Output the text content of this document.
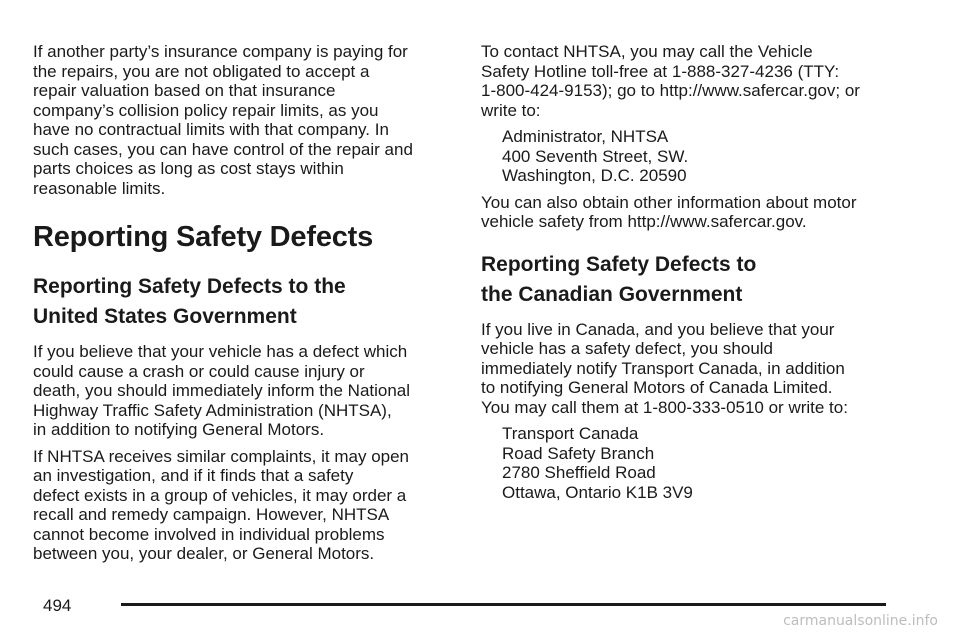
If another party’s insurance company is paying for
the repairs, you are not obligated to accept a
repair valuation based on that insurance
company’s collision policy repair limits, as you
have no contractual limits with that company. In
such cases, you can have control of the repair and
parts choices as long as cost stays within
reasonable limits.

Reporting Safety Defects
Reporting Safety Defects to the
United States Government

If you believe that your vehicle has a defect which
could cause a crash or could cause injury or
death, you should immediately inform the National
Highway Traffic Safety Administration (NHTSA),
in addition to notifying General Motors.

If NHTSA receives similar complaints, it may open
an investigation, and if it finds that a safety
defect exists in a group of vehicles, it may order a
recall and remedy campaign. However, NHTSA
cannot become involved in individual problems
between you, your dealer, or General Motors.

To contact NHTSA, you may call the Vehicle
Safety Hotline toll-free at 1-888-327-4236 (TTY:
1-800-424-9153); go to http://www.safercar.gov; or
write to:

Administrator, NHTSA
400 Seventh Street, SW.
Washington, D.C. 20590

You can also obtain other information about motor
vehicle safety from http://www.safercar.gov.

Reporting Safety Defects to
the Canadian Government

If you live in Canada, and you believe that your
vehicle has a safety defect, you should
immediately notify Transport Canada, in addition
to notifying General Motors of Canada Limited.
You may call them at 1-800-333-0510 or write to:

Transport Canada
Road Safety Branch
2780 Sheffield Road
Ottawa, Ontario K1B 3V9
494
carmanualsonline.info
